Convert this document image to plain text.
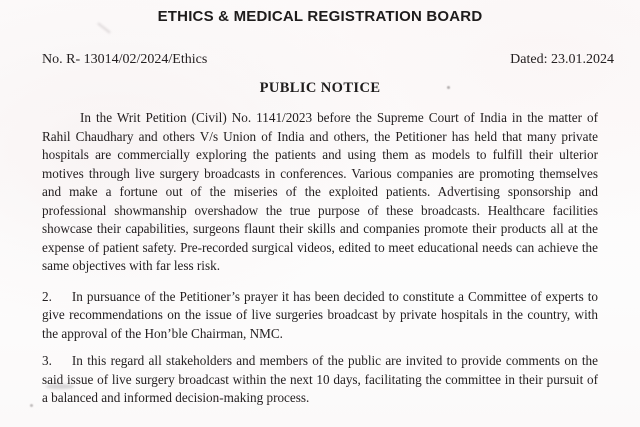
ETHICS & MEDICAL REGISTRATION BOARD
No. R- 13014/02/2024/Ethics	Dated: 23.01.2024
PUBLIC NOTICE

In the Writ Petition (Civil) No. 1141/2023 before the Supreme Court of India in the matter of Rahil Chaudhary and others V/s Union of India and others, the Petitioner has held that many private hospitals are commercially exploring the patients and using them as models to fulfill their ulterior motives through live surgery broadcasts in conferences. Various companies are promoting themselves and make a fortune out of the miseries of the exploited patients. Advertising sponsorship and professional showmanship overshadow the true purpose of these broadcasts. Healthcare facilities showcase their capabilities, surgeons flaunt their skills and companies promote their products all at the expense of patient safety. Pre-recorded surgical videos, edited to meet educational needs can achieve the same objectives with far less risk.

2. In pursuance of the Petitioner’s prayer it has been decided to constitute a Committee of experts to give recommendations on the issue of live surgeries broadcast by private hospitals in the country, with the approval of the Hon’ble Chairman, NMC.

3. In this regard all stakeholders and members of the public are invited to provide comments on the said issue of live surgery broadcast within the next 10 days, facilitating the committee in their pursuit of a balanced and informed decision-making process.
